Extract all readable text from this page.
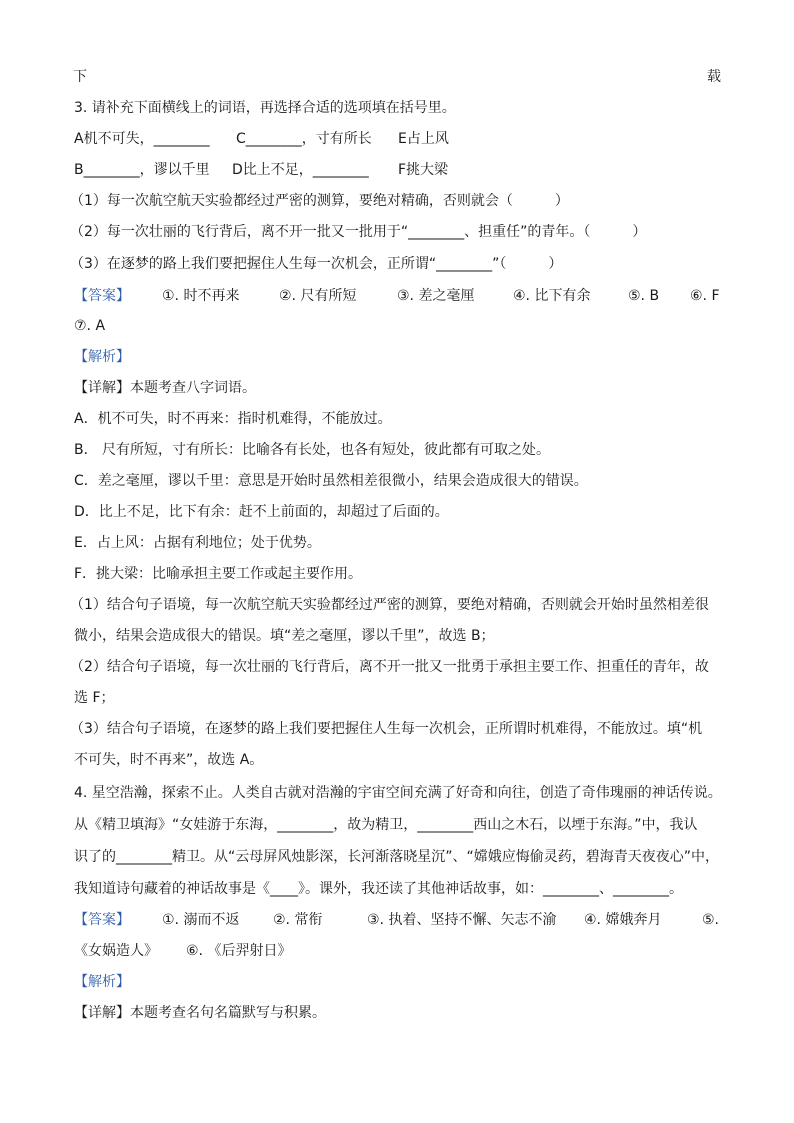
下	载
3. 请补充下面横线上的词语，再选择合适的选项填在括号里。
A机不可失，________ C________，寸有所长 E占上风
B________，谬以千里 D比上不足，________ F挑大梁
（1）每一次航空航天实验都经过严密的测算，要绝对精确，否则就会（　　　）
（2）每一次壮丽的飞行背后，离不开一批又一批用于“________、担重任”的青年。（　　　）
（3）在逐梦的路上我们要把握住人生每一次机会，正所谓“________”（　　　）
【答案】 ①. 时不再来	②. 尺有所短	③. 差之毫厘	④. 比下有余	⑤. B ⑥. F
⑦. A
【解析】
【详解】本题考查八字词语。
A．机不可失，时不再来：指时机难得，不能放过。
B． 尺有所短，寸有所长：比喻各有长处，也各有短处，彼此都有可取之处。
C．差之毫厘，谬以千里：意思是开始时虽然相差很微小，结果会造成很大的错误。
D．比上不足，比下有余：赶不上前面的，却超过了后面的。
E．占上风：占据有利地位；处于优势。
F．挑大梁：比喻承担主要工作或起主要作用。
（1）结合句子语境，每一次航空航天实验都经过严密的测算，要绝对精确，否则就会开始时虽然相差很
微小，结果会造成很大的错误。填“差之毫厘，谬以千里”，故选 B；
（2）结合句子语境，每一次壮丽的飞行背后，离不开一批又一批勇于承担主要工作、担重任的青年，故
选 F；
（3）结合句子语境，在逐梦的路上我们要把握住人生每一次机会，正所谓时机难得，不能放过。填“机
不可失，时不再来”，故选 A。
4. 星空浩瀚，探索不止。人类自古就对浩瀚的宇宙空间充满了好奇和向往，创造了奇伟瑰丽的神话传说。
从《精卫填海》“女娃游于东海，________，故为精卫，________西山之木石，以堙于东海。”中，我认
识了的________精卫。从“云母屏风烛影深，长河渐落晓星沉”、“嫦娥应悔偷灵药，碧海青天夜夜心”中，
我知道诗句藏着的神话故事是《____》。课外，我还读了其他神话故事，如：________、________。
【答案】 ①. 溺而不返 ②. 常衔	③. 执着、坚持不懈、矢志不渝 ④. 嫦娥奔月	⑤.
《女娲造人》 ⑥. 《后羿射日》
【解析】
【详解】本题考查名句名篇默写与积累。
